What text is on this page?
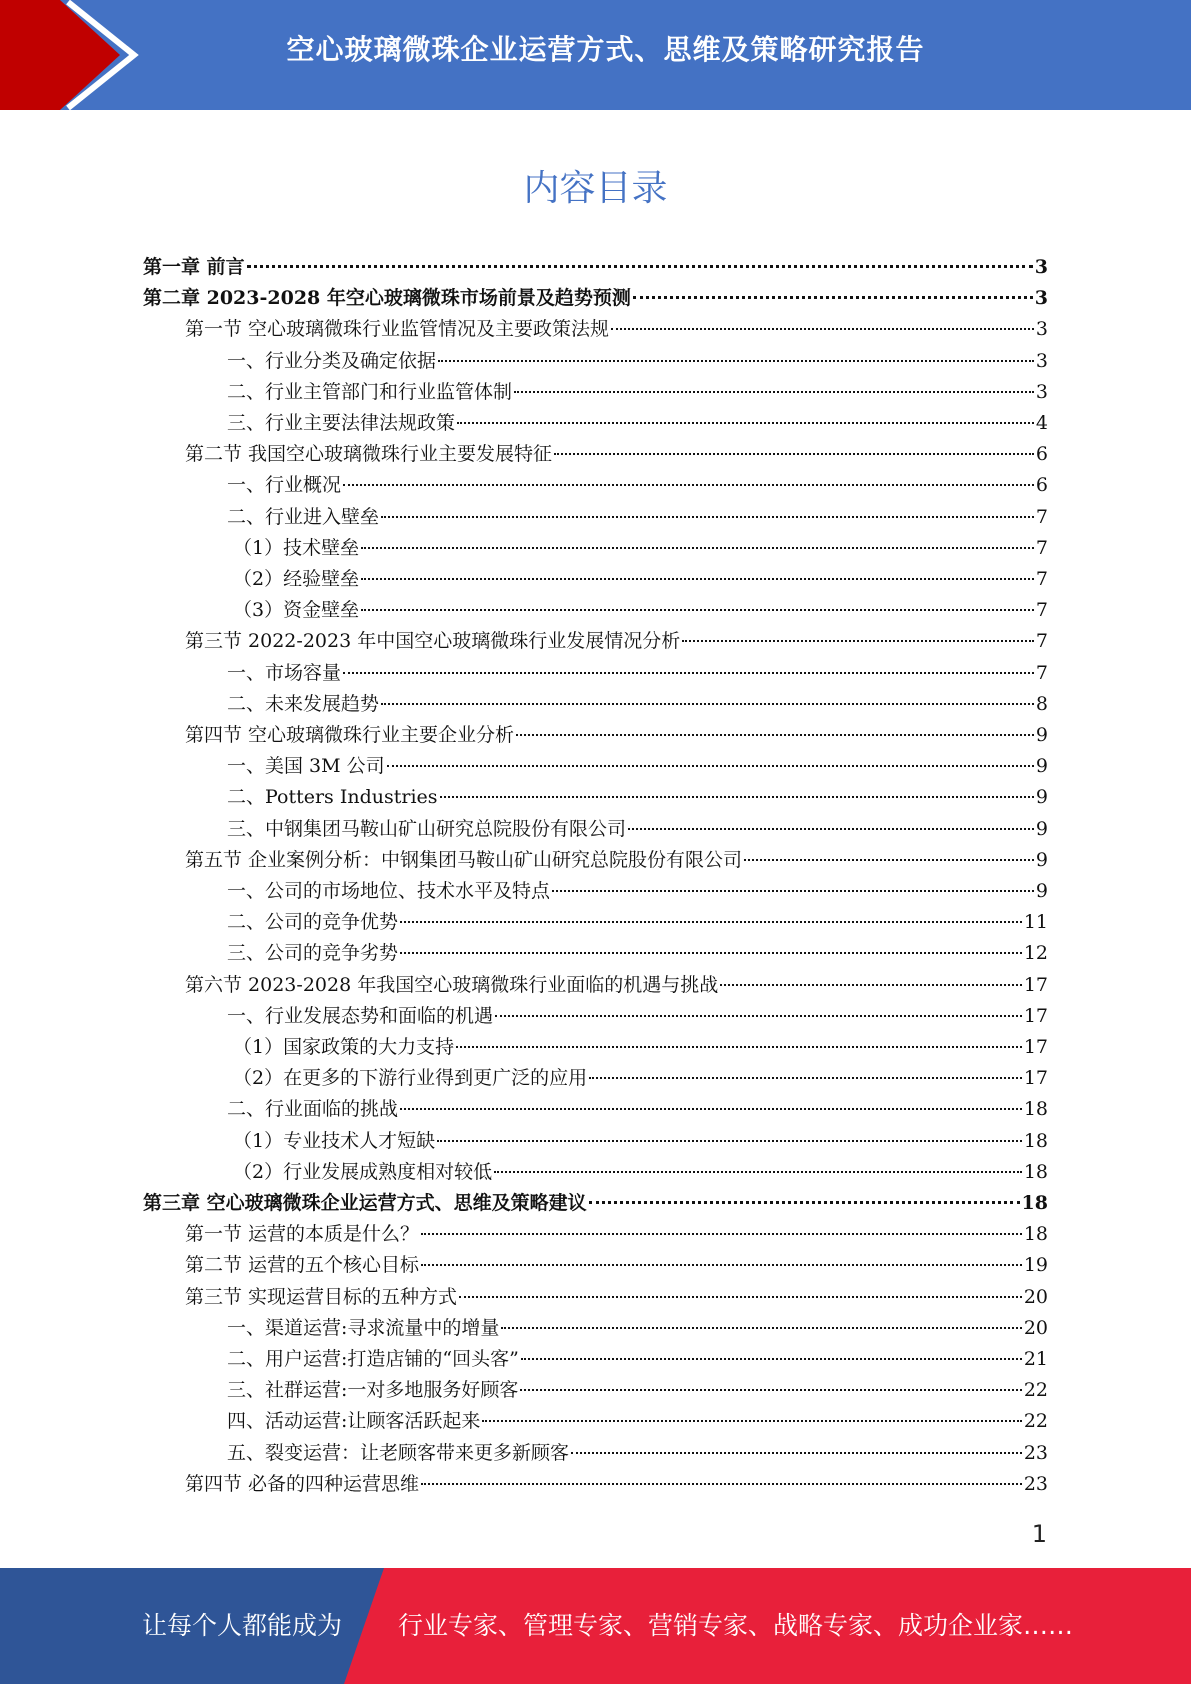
空心玻璃微珠企业运营方式、思维及策略研究报告
内容目录
第一章 前言	3
第二章 2023-2028 年空心玻璃微珠市场前景及趋势预测	3
第一节 空心玻璃微珠行业监管情况及主要政策法规	3
一、行业分类及确定依据	3
二、行业主管部门和行业监管体制	3
三、行业主要法律法规政策	4
第二节 我国空心玻璃微珠行业主要发展特征	6
一、行业概况	6
二、行业进入壁垒	7
（1）技术壁垒	7
（2）经验壁垒	7
（3）资金壁垒	7
第三节 2022-2023 年中国空心玻璃微珠行业发展情况分析	7
一、市场容量	7
二、未来发展趋势	8
第四节 空心玻璃微珠行业主要企业分析	9
一、美国 3M 公司	9
二、Potters Industries	9
三、中钢集团马鞍山矿山研究总院股份有限公司	9
第五节 企业案例分析：中钢集团马鞍山矿山研究总院股份有限公司	9
一、公司的市场地位、技术水平及特点	9
二、公司的竞争优势	11
三、公司的竞争劣势	12
第六节 2023-2028 年我国空心玻璃微珠行业面临的机遇与挑战	17
一、行业发展态势和面临的机遇	17
（1）国家政策的大力支持	17
（2）在更多的下游行业得到更广泛的应用	17
二、行业面临的挑战	18
（1）专业技术人才短缺	18
（2）行业发展成熟度相对较低	18
第三章 空心玻璃微珠企业运营方式、思维及策略建议	18
第一节 运营的本质是什么？	18
第二节 运营的五个核心目标	19
第三节 实现运营目标的五种方式	20
一、渠道运营:寻求流量中的增量	20
二、用户运营:打造店铺的“回头客”	21
三、社群运营:一对多地服务好顾客	22
四、活动运营:让顾客活跃起来	22
五、裂变运营：让老顾客带来更多新顾客	23
第四节 必备的四种运营思维	23
1
让每个人都能成为 行业专家、管理专家、营销专家、战略专家、成功企业家……
